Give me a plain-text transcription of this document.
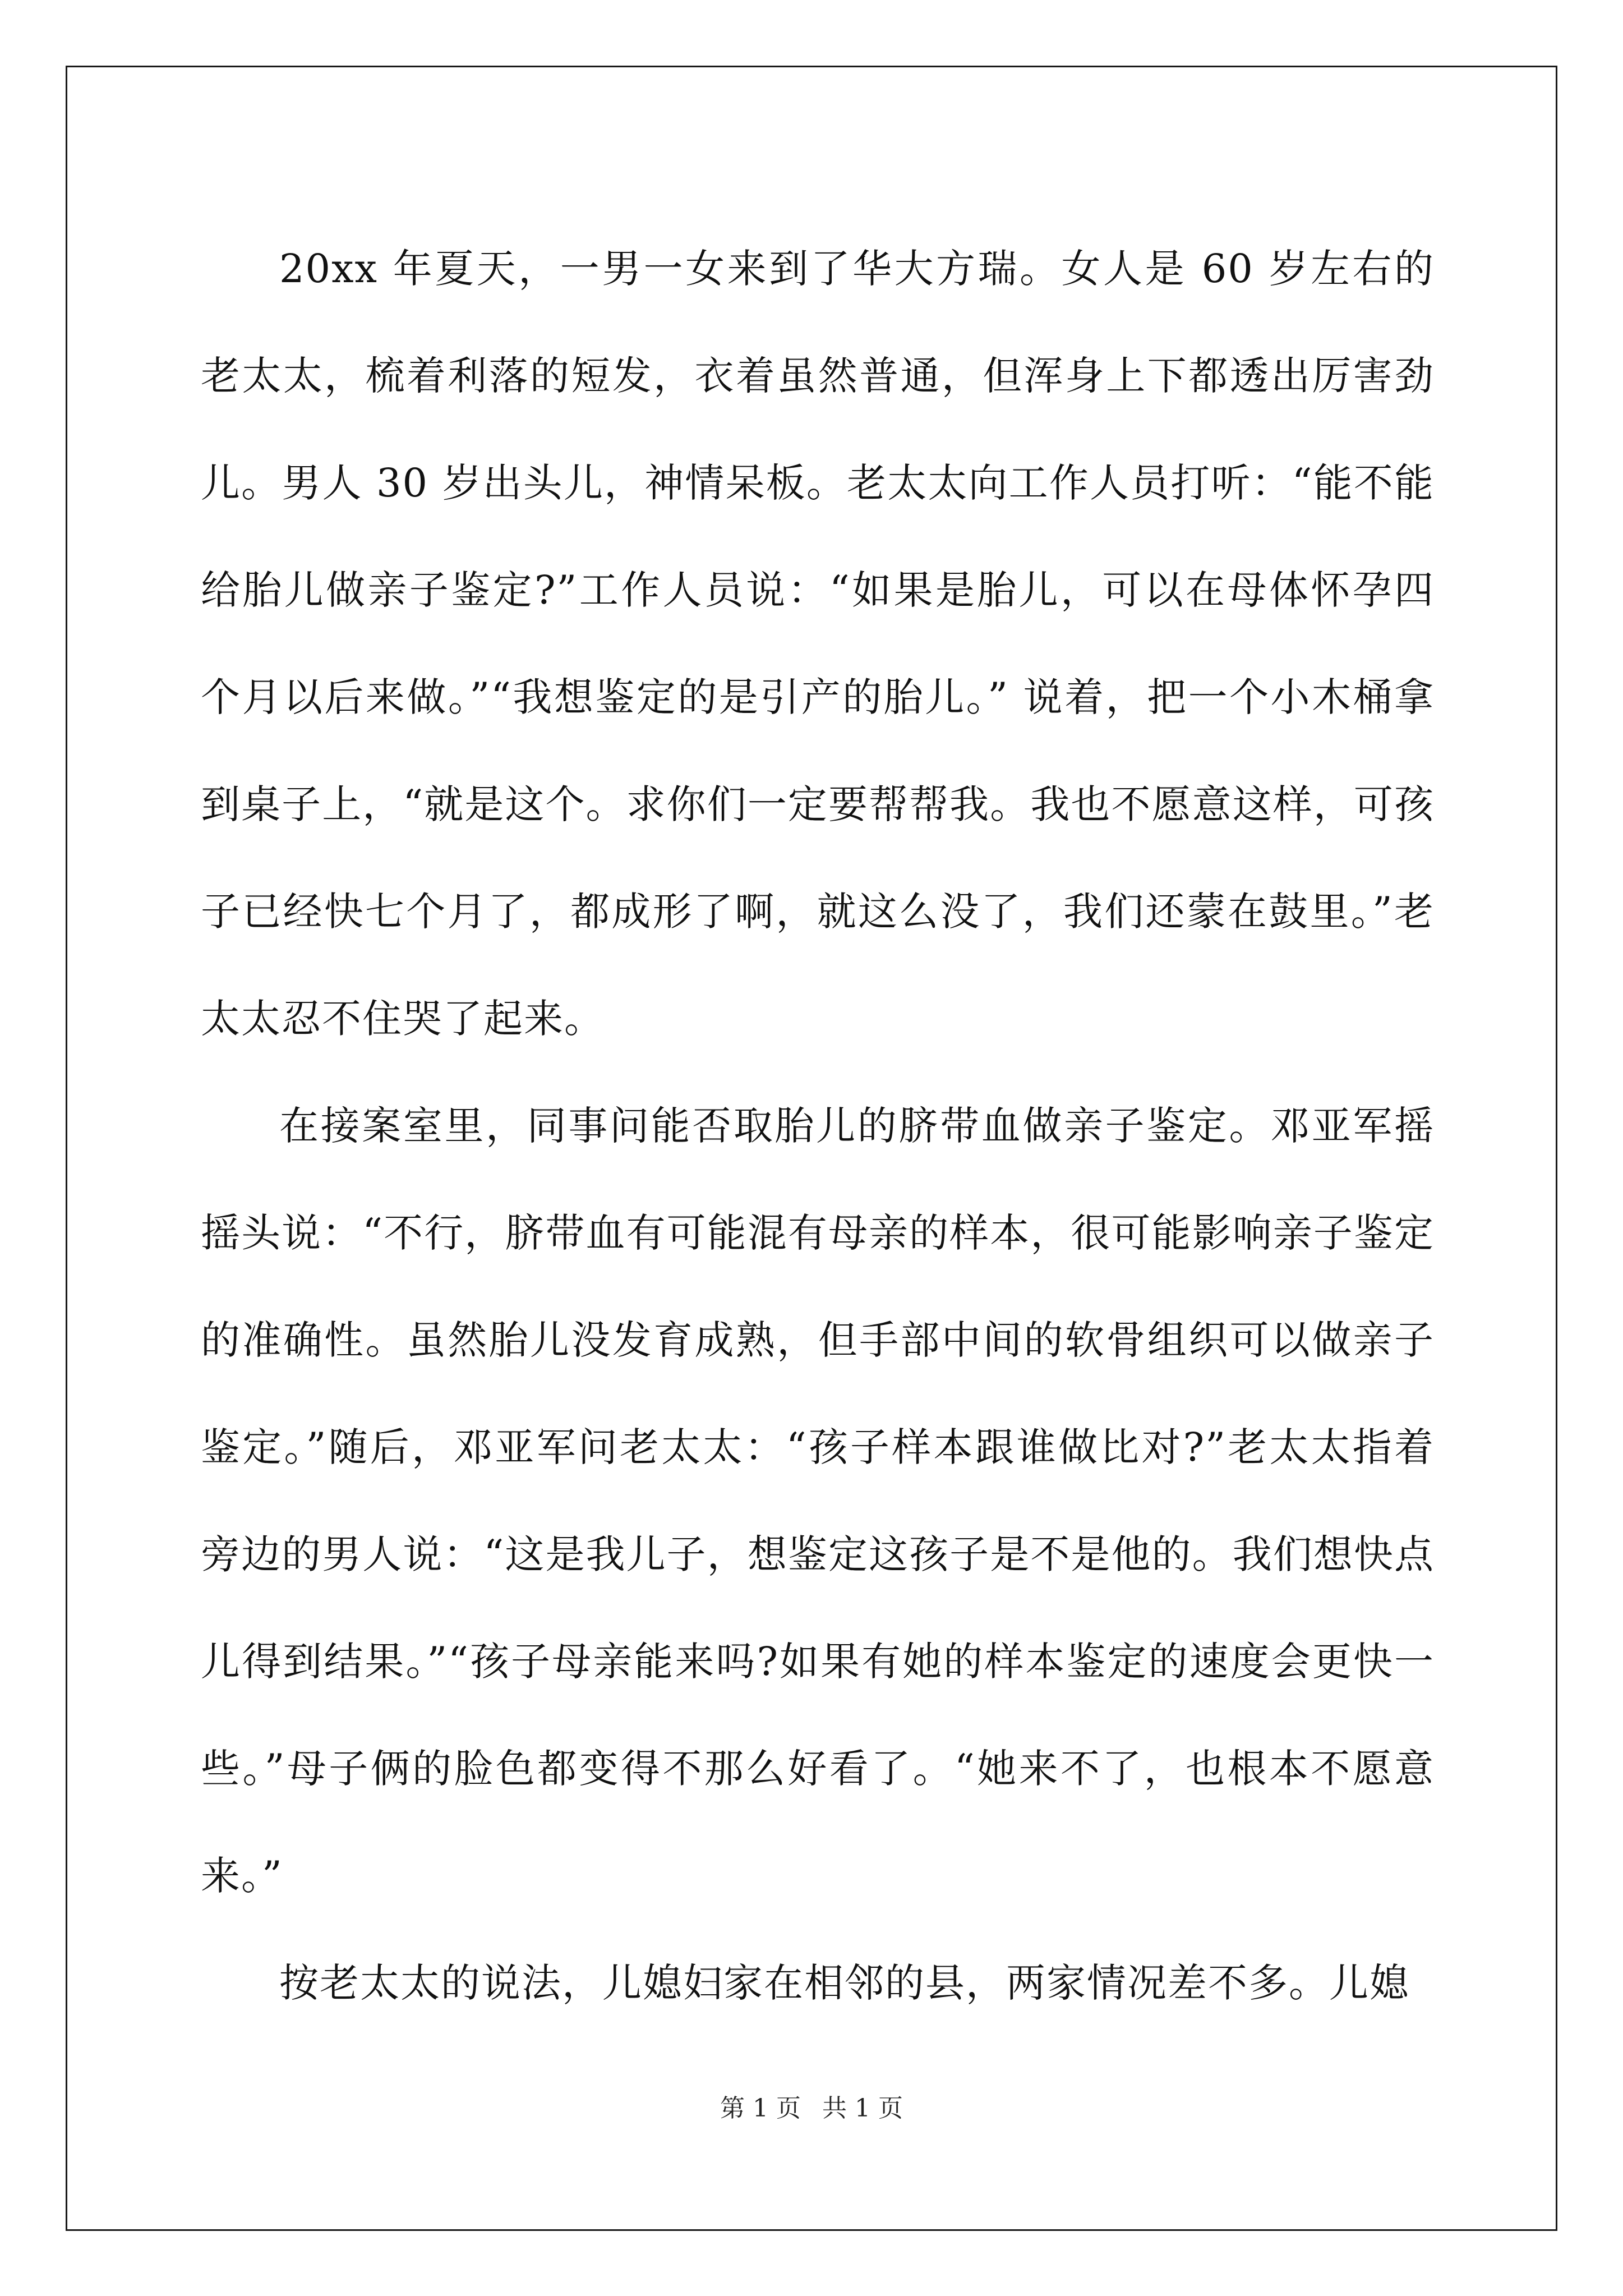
20xx 年夏天，一男一女来到了华大方瑞。女人是 60 岁左右的老太太，梳着利落的短发，衣着虽然普通，但浑身上下都透出厉害劲儿。男人 30 岁出头儿，神情呆板。老太太向工作人员打听：“能不能给胎儿做亲子鉴定?”工作人员说：“如果是胎儿，可以在母体怀孕四个月以后来做。”“我想鉴定的是引产的胎儿。” 说着，把一个小木桶拿到桌子上，“就是这个。求你们一定要帮帮我。我也不愿意这样，可孩子已经快七个月了，都成形了啊，就这么没了，我们还蒙在鼓里。”老太太忍不住哭了起来。

在接案室里，同事问能否取胎儿的脐带血做亲子鉴定。邓亚军摇摇头说：“不行，脐带血有可能混有母亲的样本，很可能影响亲子鉴定的准确性。虽然胎儿没发育成熟，但手部中间的软骨组织可以做亲子鉴定。”随后，邓亚军问老太太：“孩子样本跟谁做比对?”老太太指着旁边的男人说：“这是我儿子，想鉴定这孩子是不是他的。我们想快点儿得到结果。”“孩子母亲能来吗?如果有她的样本鉴定的速度会更快一些。”母子俩的脸色都变得不那么好看了。“她来不了，也根本不愿意来。”

按老太太的说法，儿媳妇家在相邻的县，两家情况差不多。儿媳

第 1 页 共 1 页
